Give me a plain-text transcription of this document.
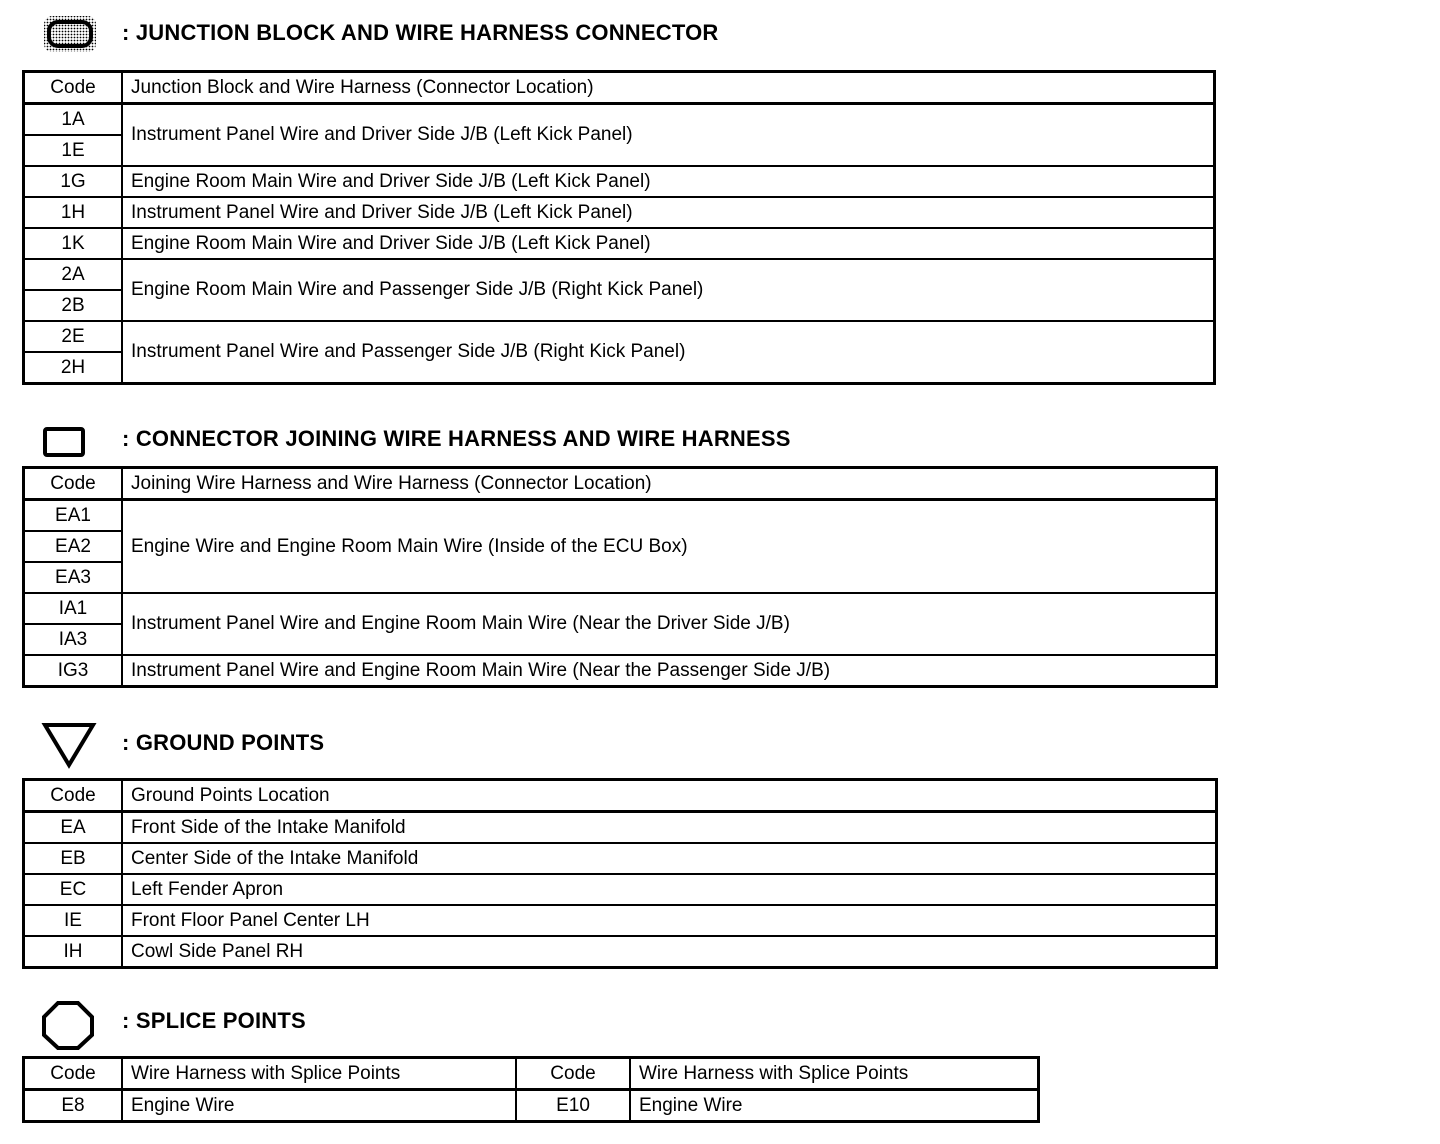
: JUNCTION BLOCK AND WIRE HARNESS CONNECTOR
Code	Junction Block and Wire Harness (Connector Location)
1A	Instrument Panel Wire and Driver Side J/B (Left Kick Panel)
1E	
1G	Engine Room Main Wire and Driver Side J/B (Left Kick Panel)
1H	Instrument Panel Wire and Driver Side J/B (Left Kick Panel)
1K	Engine Room Main Wire and Driver Side J/B (Left Kick Panel)
2A	Engine Room Main Wire and Passenger Side J/B (Right Kick Panel)
2B	
2E	Instrument Panel Wire and Passenger Side J/B (Right Kick Panel)
2H	
: CONNECTOR JOINING WIRE HARNESS AND WIRE HARNESS
Code	Joining Wire Harness and Wire Harness (Connector Location)
EA1	Engine Wire and Engine Room Main Wire (Inside of the ECU Box)
EA2	
EA3	
IA1	Instrument Panel Wire and Engine Room Main Wire (Near the Driver Side J/B)
IA3	
IG3	Instrument Panel Wire and Engine Room Main Wire (Near the Passenger Side J/B)
: GROUND POINTS
Code	Ground Points Location
EA	Front Side of the Intake Manifold
EB	Center Side of the Intake Manifold
EC	Left Fender Apron
IE	Front Floor Panel Center LH
IH	Cowl Side Panel RH
: SPLICE POINTS
Code	Wire Harness with Splice Points	Code	Wire Harness with Splice Points
E8	Engine Wire	E10	Engine Wire
